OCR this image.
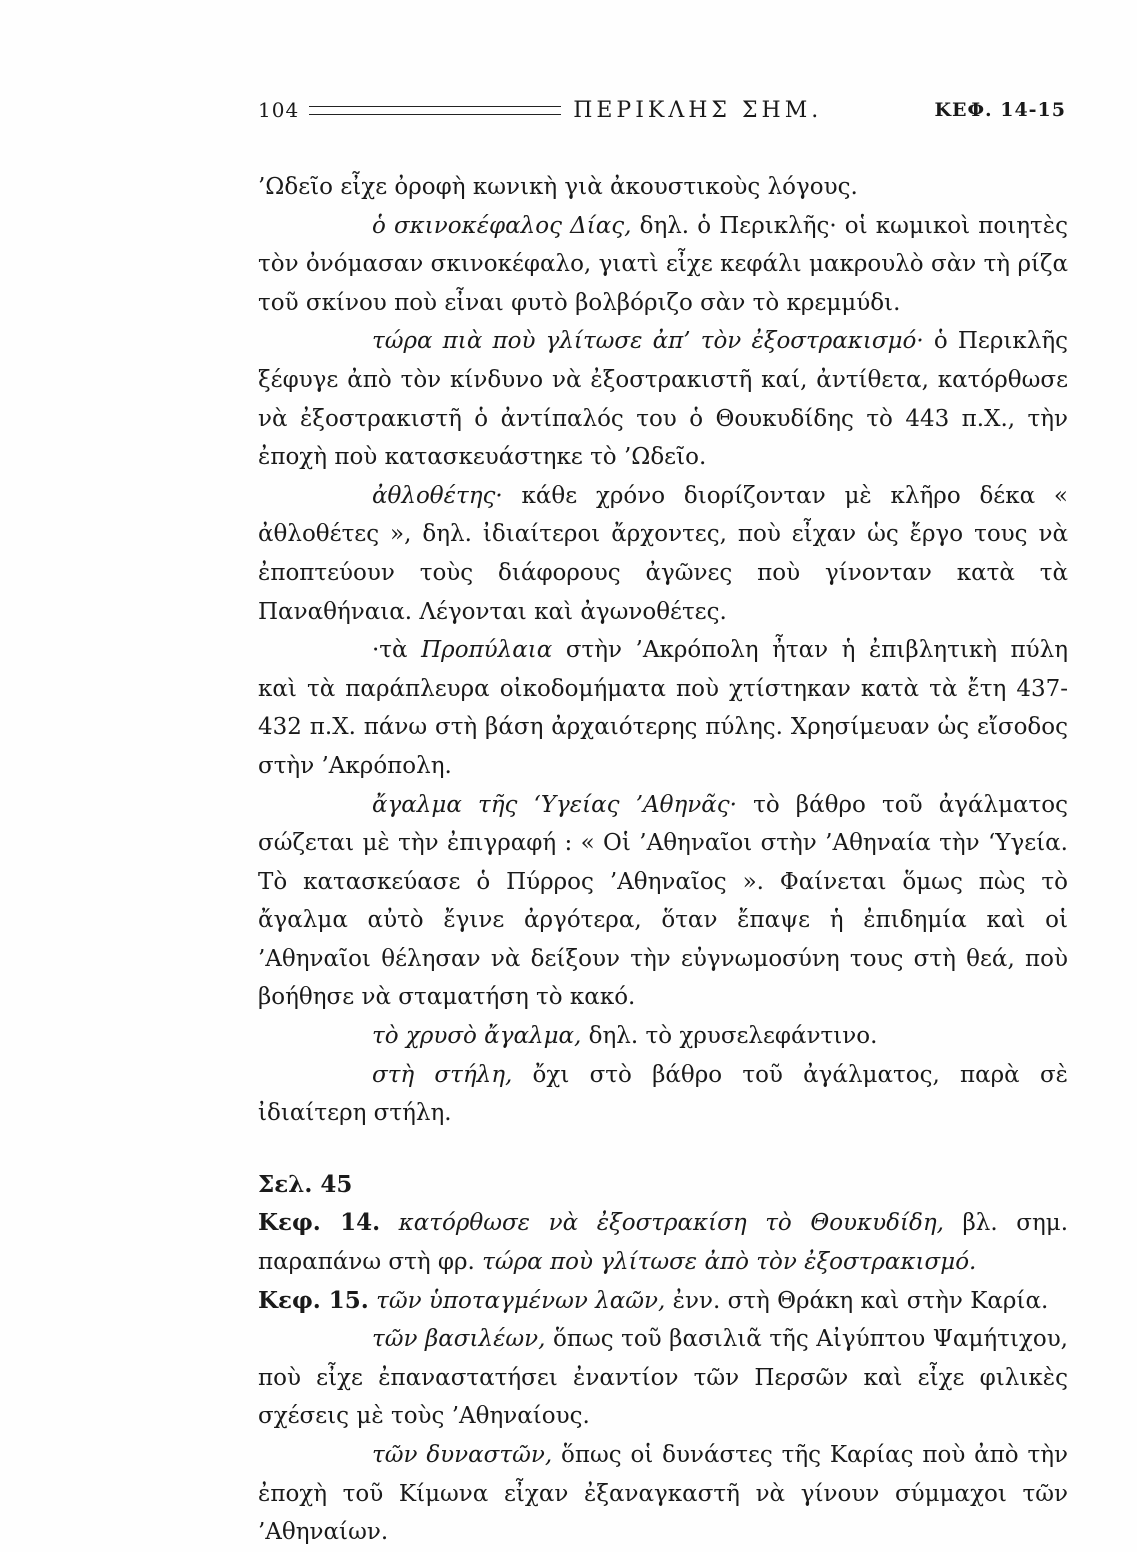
104	ΠΕΡΙΚΛΗΣ ΣΗΜ.	ΚΕΦ. 14-15

’Ωδεῖο εἶχε ὀροφὴ κωνικὴ γιὰ ἀκουστικοὺς λόγους.

ὁ σκινοκέφαλος Δίας, δηλ. ὁ Περικλῆς· οἱ κωμικοὶ ποιητὲς τὸν ὀνόμασαν σκινοκέφαλο, γιατὶ εἶχε κεφάλι μακρουλὸ σὰν τὴ ρίζα τοῦ σκίνου ποὺ εἶναι φυτὸ βολβόριζο σὰν τὸ κρεμμύδι.

τώρα πιὰ ποὺ γλίτωσε ἀπ’ τὸν ἐξοστρακισμό· ὁ Περικλῆς ξέφυγε ἀπὸ τὸν κίνδυνο νὰ ἐξοστρακιστῆ καί, ἀντίθετα, κατόρθωσε νὰ ἐξοστρακιστῆ ὁ ἀντίπαλός του ὁ Θουκυδίδης τὸ 443 π.Χ., τὴν ἐποχὴ ποὺ κατασκευάστηκε τὸ ’Ωδεῖο.

ἀθλοθέτης· κάθε χρόνο διορίζονταν μὲ κλῆρο δέκα « ἀθλοθέτες », δηλ. ἰδιαίτεροι ἄρχοντες, ποὺ εἶχαν ὡς ἔργο τους νὰ ἐποπτεύουν τοὺς διάφορους ἀγῶνες ποὺ γίνονταν κατὰ τὰ Παναθήναια. Λέγονται καὶ ἀγωνοθέτες.

·τὰ Προπύλαια στὴν ’Ακρόπολη ἦταν ἡ ἐπιβλητικὴ πύλη καὶ τὰ παράπλευρα οἰκοδομήματα ποὺ χτίστηκαν κατὰ τὰ ἔτη 437-432 π.Χ. πάνω στὴ βάση ἀρχαιότερης πύλης. Χρησίμευαν ὡς εἴσοδος στὴν ’Ακρόπολη.

ἄγαλμα τῆς ‘Υγείας ’Αθηνᾶς· τὸ βάθρο τοῦ ἀγάλματος σώζεται μὲ τὴν ἐπιγραφή : « Οἱ ’Αθηναῖοι στὴν ’Αθηναία τὴν ‘Υγεία. Τὸ κατασκεύασε ὁ Πύρρος ’Αθηναῖος ». Φαίνεται ὅμως πὼς τὸ ἄγαλμα αὐτὸ ἔγινε ἀργότερα, ὅταν ἔπαψε ἡ ἐπιδημία καὶ οἱ ’Αθηναῖοι θέλησαν νὰ δείξουν τὴν εὐγνωμοσύνη τους στὴ θεά, ποὺ βοήθησε νὰ σταματήση τὸ κακό.

τὸ χρυσὸ ἄγαλμα, δηλ. τὸ χρυσελεφάντινο.

στὴ στήλη, ὄχι στὸ βάθρο τοῦ ἀγάλματος, παρὰ σὲ ἰδιαίτερη στήλη.

Σελ. 45

Κεφ. 14. κατόρθωσε νὰ ἐξοστρακίση τὸ Θουκυδίδη, βλ. σημ. παραπάνω στὴ φρ. τώρα ποὺ γλίτωσε ἀπὸ τὸν ἐξοστρακισμό.

Κεφ. 15. τῶν ὑποταγμένων λαῶν, ἐνν. στὴ Θράκη καὶ στὴν Καρία.

τῶν βασιλέων, ὅπως τοῦ βασιλιᾶ τῆς Αἰγύπτου Ψαμήτιχου, ποὺ εἶχε ἐπαναστατήσει ἐναντίον τῶν Περσῶν καὶ εἶχε φιλικὲς σχέσεις μὲ τοὺς ’Αθηναίους.

τῶν δυναστῶν, ὅπως οἱ δυνάστες τῆς Καρίας ποὺ ἀπὸ τὴν ἐποχὴ τοῦ Κίμωνα εἶχαν ἐξαναγκαστῆ νὰ γίνουν σύμμαχοι τῶν ’Αθηναίων.
